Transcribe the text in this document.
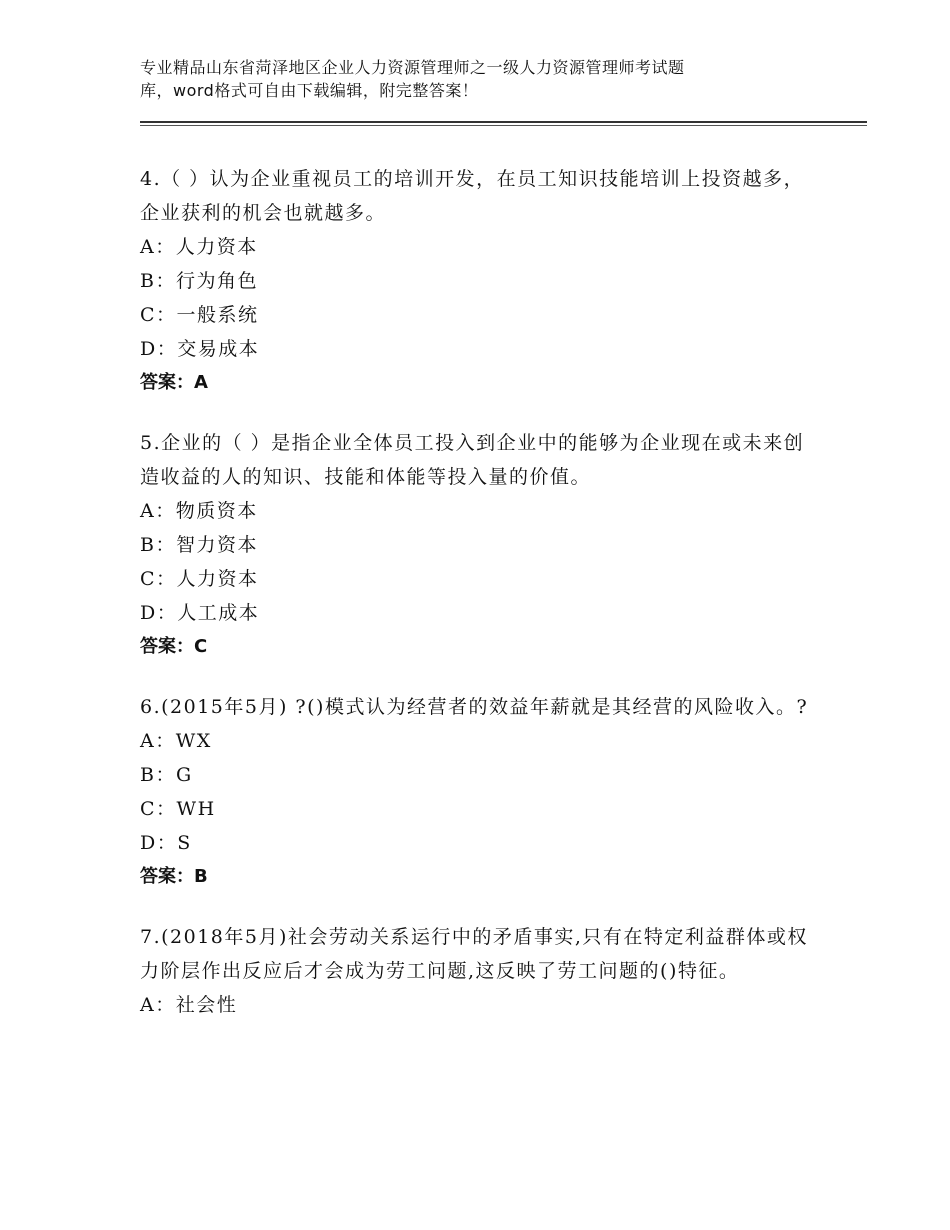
专业精品山东省菏泽地区企业人力资源管理师之一级人力资源管理师考试题
库，word格式可自由下载编辑，附完整答案！
4.（ ）认为企业重视员工的培训开发，在员工知识技能培训上投资越多，企业获利的机会也就越多。
A：人力资本
B：行为角色
C：一般系统
D：交易成本
答案：A
5.企业的（ ）是指企业全体员工投入到企业中的能够为企业现在或未来创造收益的人的知识、技能和体能等投入量的价值。
A：物质资本
B：智力资本
C：人力资本
D：人工成本
答案：C
6.(2015年5月) ?()模式认为经营者的效益年薪就是其经营的风险收入。?
A：WX
B：G
C：WH
D：S
答案：B
7.(2018年5月)社会劳动关系运行中的矛盾事实,只有在特定利益群体或权力阶层作出反应后才会成为劳工问题,这反映了劳工问题的()特征。
A：社会性
